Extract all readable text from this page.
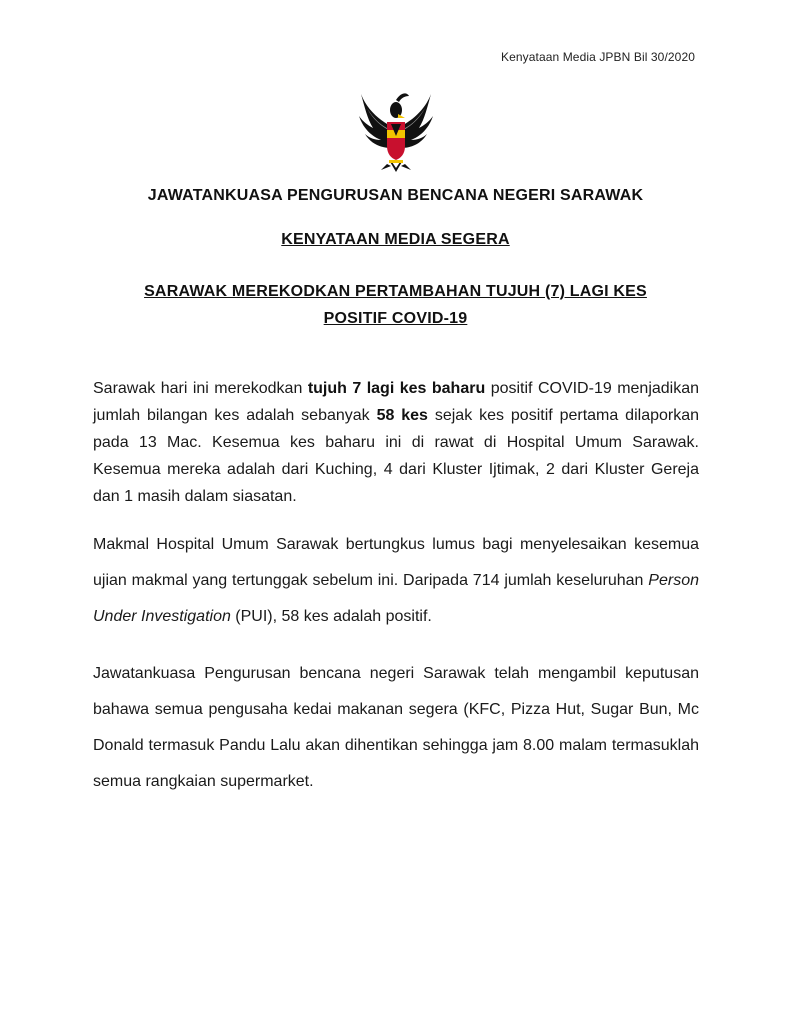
Kenyataan Media JPBN Bil 30/2020
JAWATANKUASA PENGURUSAN BENCANA NEGERI SARAWAK
KENYATAAN MEDIA SEGERA
SARAWAK MEREKODKAN PERTAMBAHAN TUJUH (7) LAGI KES
POSITIF COVID-19
Sarawak hari ini merekodkan tujuh 7 lagi kes baharu positif COVID-19 menjadikan jumlah bilangan kes adalah sebanyak 58 kes sejak kes positif pertama dilaporkan pada 13 Mac. Kesemua kes baharu ini di rawat di Hospital Umum Sarawak. Kesemua mereka adalah dari Kuching, 4 dari Kluster Ijtimak, 2 dari Kluster Gereja dan 1 masih dalam siasatan.
Makmal Hospital Umum Sarawak bertungkus lumus bagi menyelesaikan kesemua ujian makmal yang tertunggak sebelum ini. Daripada 714 jumlah keseluruhan Person Under Investigation (PUI), 58 kes adalah positif.
Jawatankuasa Pengurusan bencana negeri Sarawak telah mengambil keputusan bahawa semua pengusaha kedai makanan segera (KFC, Pizza Hut, Sugar Bun, Mc Donald termasuk Pandu Lalu akan dihentikan sehingga jam 8.00 malam termasuklah semua rangkaian supermarket.
